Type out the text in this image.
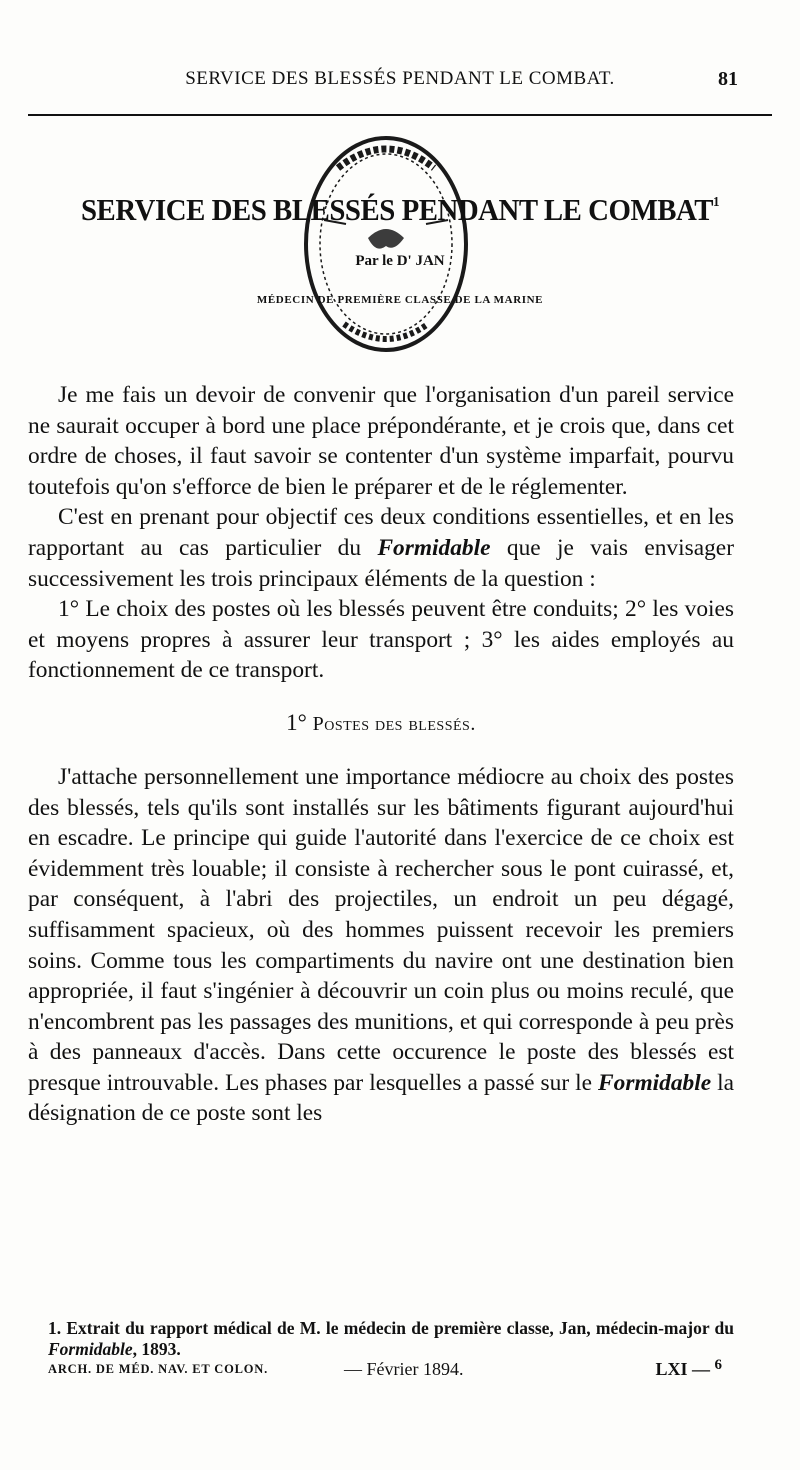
SERVICE DES BLESSÉS PENDANT LE COMBAT.	81
SERVICE DES BLESSÉS PENDANT LE COMBAT$^1$
Par le D' JAN
MÉDECIN DE PREMIÈRE CLASSE DE LA MARINE

Je me fais un devoir de convenir que l'organisation d'un pareil service ne saurait occuper à bord une place prépondérante, et je crois que, dans cet ordre de choses, il faut savoir se contenter d'un système imparfait, pourvu toutefois qu'on s'efforce de bien le préparer et de le réglementer.

C'est en prenant pour objectif ces deux conditions essentielles, et en les rapportant au cas particulier du Formidable que je vais envisager successivement les trois principaux éléments de la question :

1° Le choix des postes où les blessés peuvent être conduits; 2° les voies et moyens propres à assurer leur transport ; 3° les aides employés au fonctionnement de ce transport.

1° Postes des blessés.

J'attache personnellement une importance médiocre au choix des postes des blessés, tels qu'ils sont installés sur les bâtiments figurant aujourd'hui en escadre. Le principe qui guide l'autorité dans l'exercice de ce choix est évidemment très louable; il consiste à rechercher sous le pont cuirassé, et, par conséquent, à l'abri des projectiles, un endroit un peu dégagé, suffisamment spacieux, où des hommes puissent recevoir les premiers soins. Comme tous les compartiments du navire ont une destination bien appropriée, il faut s'ingénier à découvrir un coin plus ou moins reculé, que n'encombrent pas les passages des munitions, et qui corresponde à peu près à des panneaux d'accès. Dans cette occurence le poste des blessés est presque introuvable. Les phases par lesquelles a passé sur le Formidable la désignation de ce poste sont les

1. Extrait du rapport médical de M. le médecin de première classe, Jan, médecin-major du Formidable, 1893.
ARCH. DE MÉD. NAV. ET COLON.	— Février 1894.	LXI — $^6$
